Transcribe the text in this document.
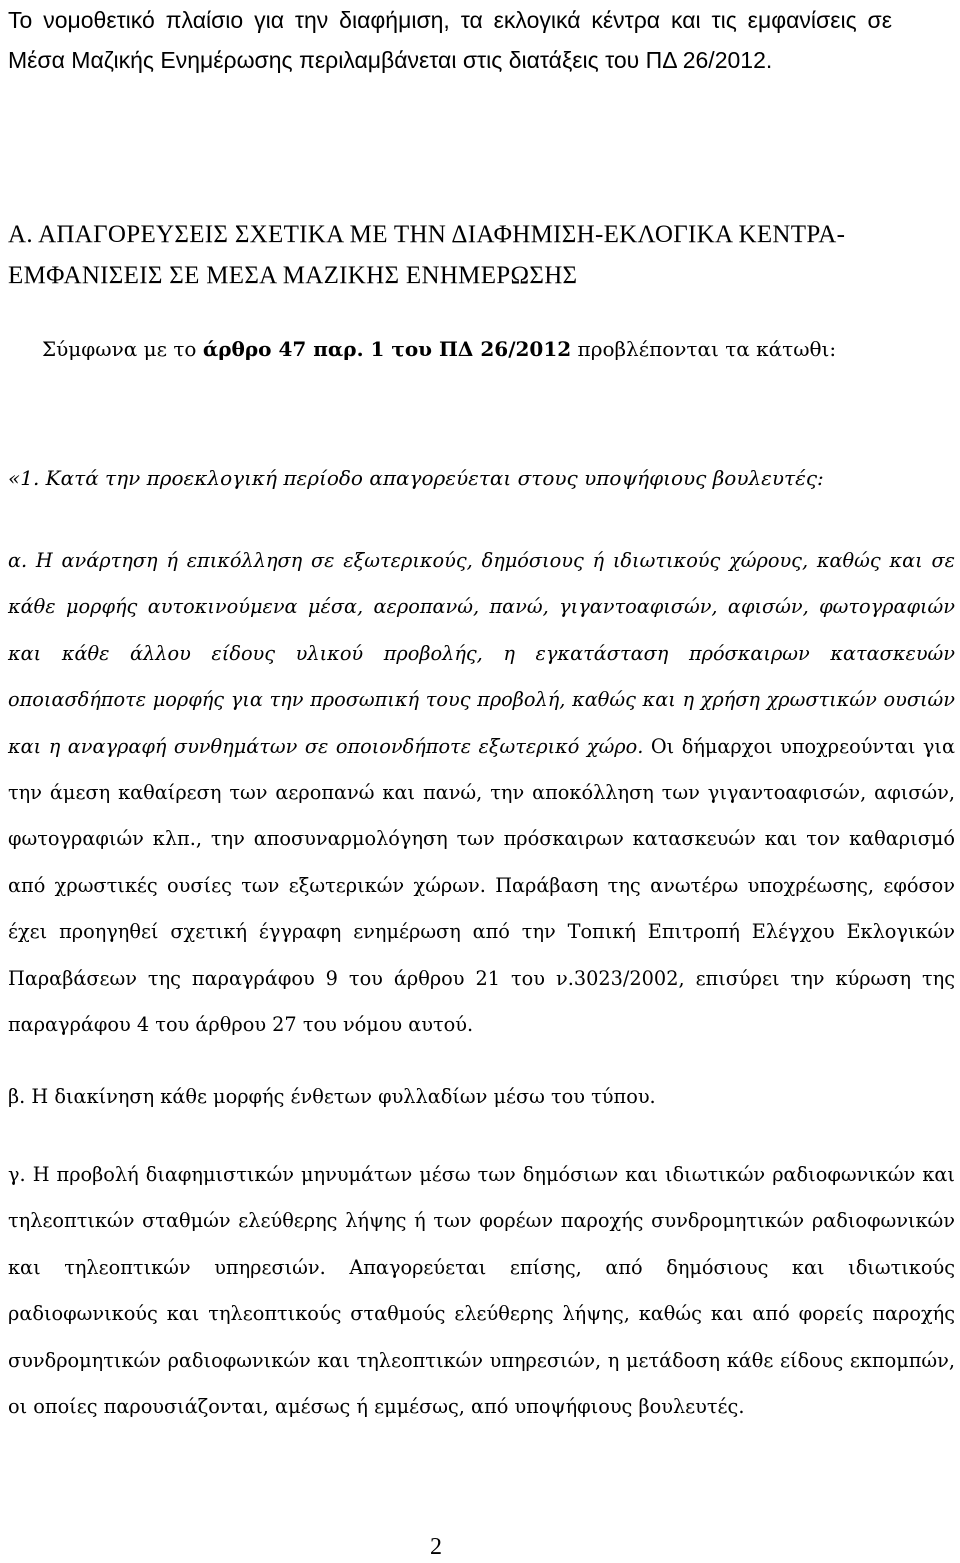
Το νομοθετικό πλαίσιο για την διαφήμιση, τα εκλογικά κέντρα και τις εμφανίσεις σε Μέσα Μαζικής Ενημέρωσης περιλαμβάνεται στις διατάξεις του ΠΔ 26/2012.

Α. ΑΠΑΓΟΡΕΥΣΕΙΣ ΣΧΕΤΙΚΑ ΜΕ ΤΗΝ ΔΙΑΦΗΜΙΣΗ-ΕΚΛΟΓΙΚΑ ΚΕΝΤΡΑ-ΕΜΦΑΝΙΣΕΙΣ ΣΕ ΜΕΣΑ ΜΑΖΙΚΗΣ ΕΝΗΜΕΡΩΣΗΣ

Σύμφωνα με το άρθρο 47 παρ. 1 του ΠΔ 26/2012 προβλέπονται τα κάτωθι:

«1. Κατά την προεκλογική περίοδο απαγορεύεται στους υποψήφιους βουλευτές:

α. Η ανάρτηση ή επικόλληση σε εξωτερικούς, δημόσιους ή ιδιωτικούς χώρους, καθώς και σε κάθε μορφής αυτοκινούμενα μέσα, αεροπανώ, πανώ, γιγαντοαφισών, αφισών, φωτογραφιών και κάθε άλλου είδους υλικού προβολής, η εγκατάσταση πρόσκαιρων κατασκευών οποιασδήποτε μορφής για την προσωπική τους προβολή, καθώς και η χρήση χρωστικών ουσιών και η αναγραφή συνθημάτων σε οποιονδήποτε εξωτερικό χώρο. Οι δήμαρχοι υποχρεούνται για την άμεση καθαίρεση των αεροπανώ και πανώ, την αποκόλληση των γιγαντοαφισών, αφισών, φωτογραφιών κλπ., την αποσυναρμολόγηση των πρόσκαιρων κατασκευών και τον καθαρισμό από χρωστικές ουσίες των εξωτερικών χώρων. Παράβαση της ανωτέρω υποχρέωσης, εφόσον έχει προηγηθεί σχετική έγγραφη ενημέρωση από την Τοπική Επιτροπή Ελέγχου Εκλογικών Παραβάσεων της παραγράφου 9 του άρθρου 21 του ν.3023/2002, επισύρει την κύρωση της παραγράφου 4 του άρθρου 27 του νόμου αυτού.

β. Η διακίνηση κάθε μορφής ένθετων φυλλαδίων μέσω του τύπου.

γ. Η προβολή διαφημιστικών μηνυμάτων μέσω των δημόσιων και ιδιωτικών ραδιοφωνικών και τηλεοπτικών σταθμών ελεύθερης λήψης ή των φορέων παροχής συνδρομητικών ραδιοφωνικών και τηλεοπτικών υπηρεσιών. Απαγορεύεται επίσης, από δημόσιους και ιδιωτικούς ραδιοφωνικούς και τηλεοπτικούς σταθμούς ελεύθερης λήψης, καθώς και από φορείς παροχής συνδρομητικών ραδιοφωνικών και τηλεοπτικών υπηρεσιών, η μετάδοση κάθε είδους εκπομπών, οι οποίες παρουσιάζονται, αμέσως ή εμμέσως, από υποψήφιους βουλευτές.

2
